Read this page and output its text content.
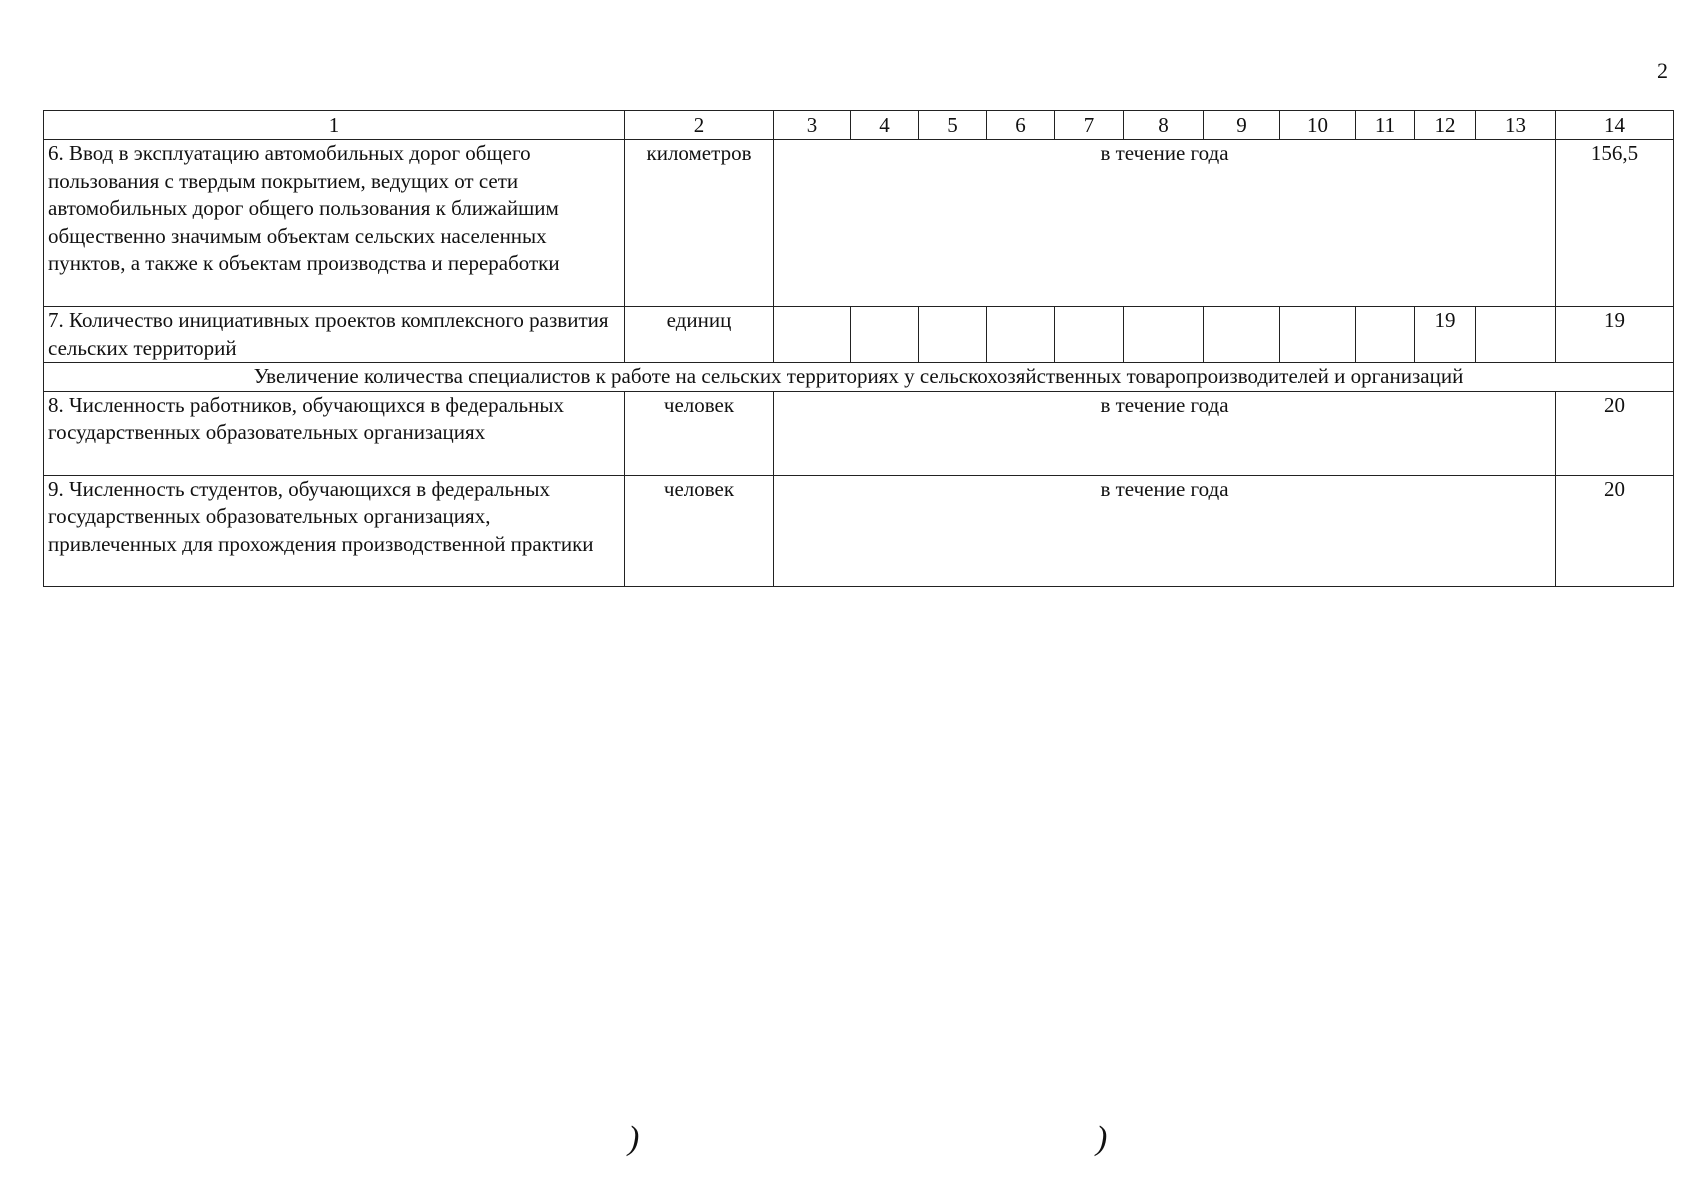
2
1	2	3	4	5	6	7	8	9	10	11	12	13	14
6. Ввод в эксплуатацию автомобильных дорог общего пользования с твердым покрытием, ведущих от сети автомобильных дорог общего пользования к ближайшим общественно значимым объектам сельских населенных пунктов, а также к объектам производства и переработки	километров	в течение года											156,5
7. Количество инициативных проектов комплексного развития сельских территорий	единиц										19		19
Увеличение количества специалистов к работе на сельских территориях у сельскохозяйственных товаропроизводителей и организаций													
8. Численность работников, обучающихся в федеральных государственных образовательных организациях	человек	в течение года											20
9. Численность студентов, обучающихся в федеральных государственных образовательных организациях, привлеченных для прохождения производственной практики	человек	в течение года											20
)	)
